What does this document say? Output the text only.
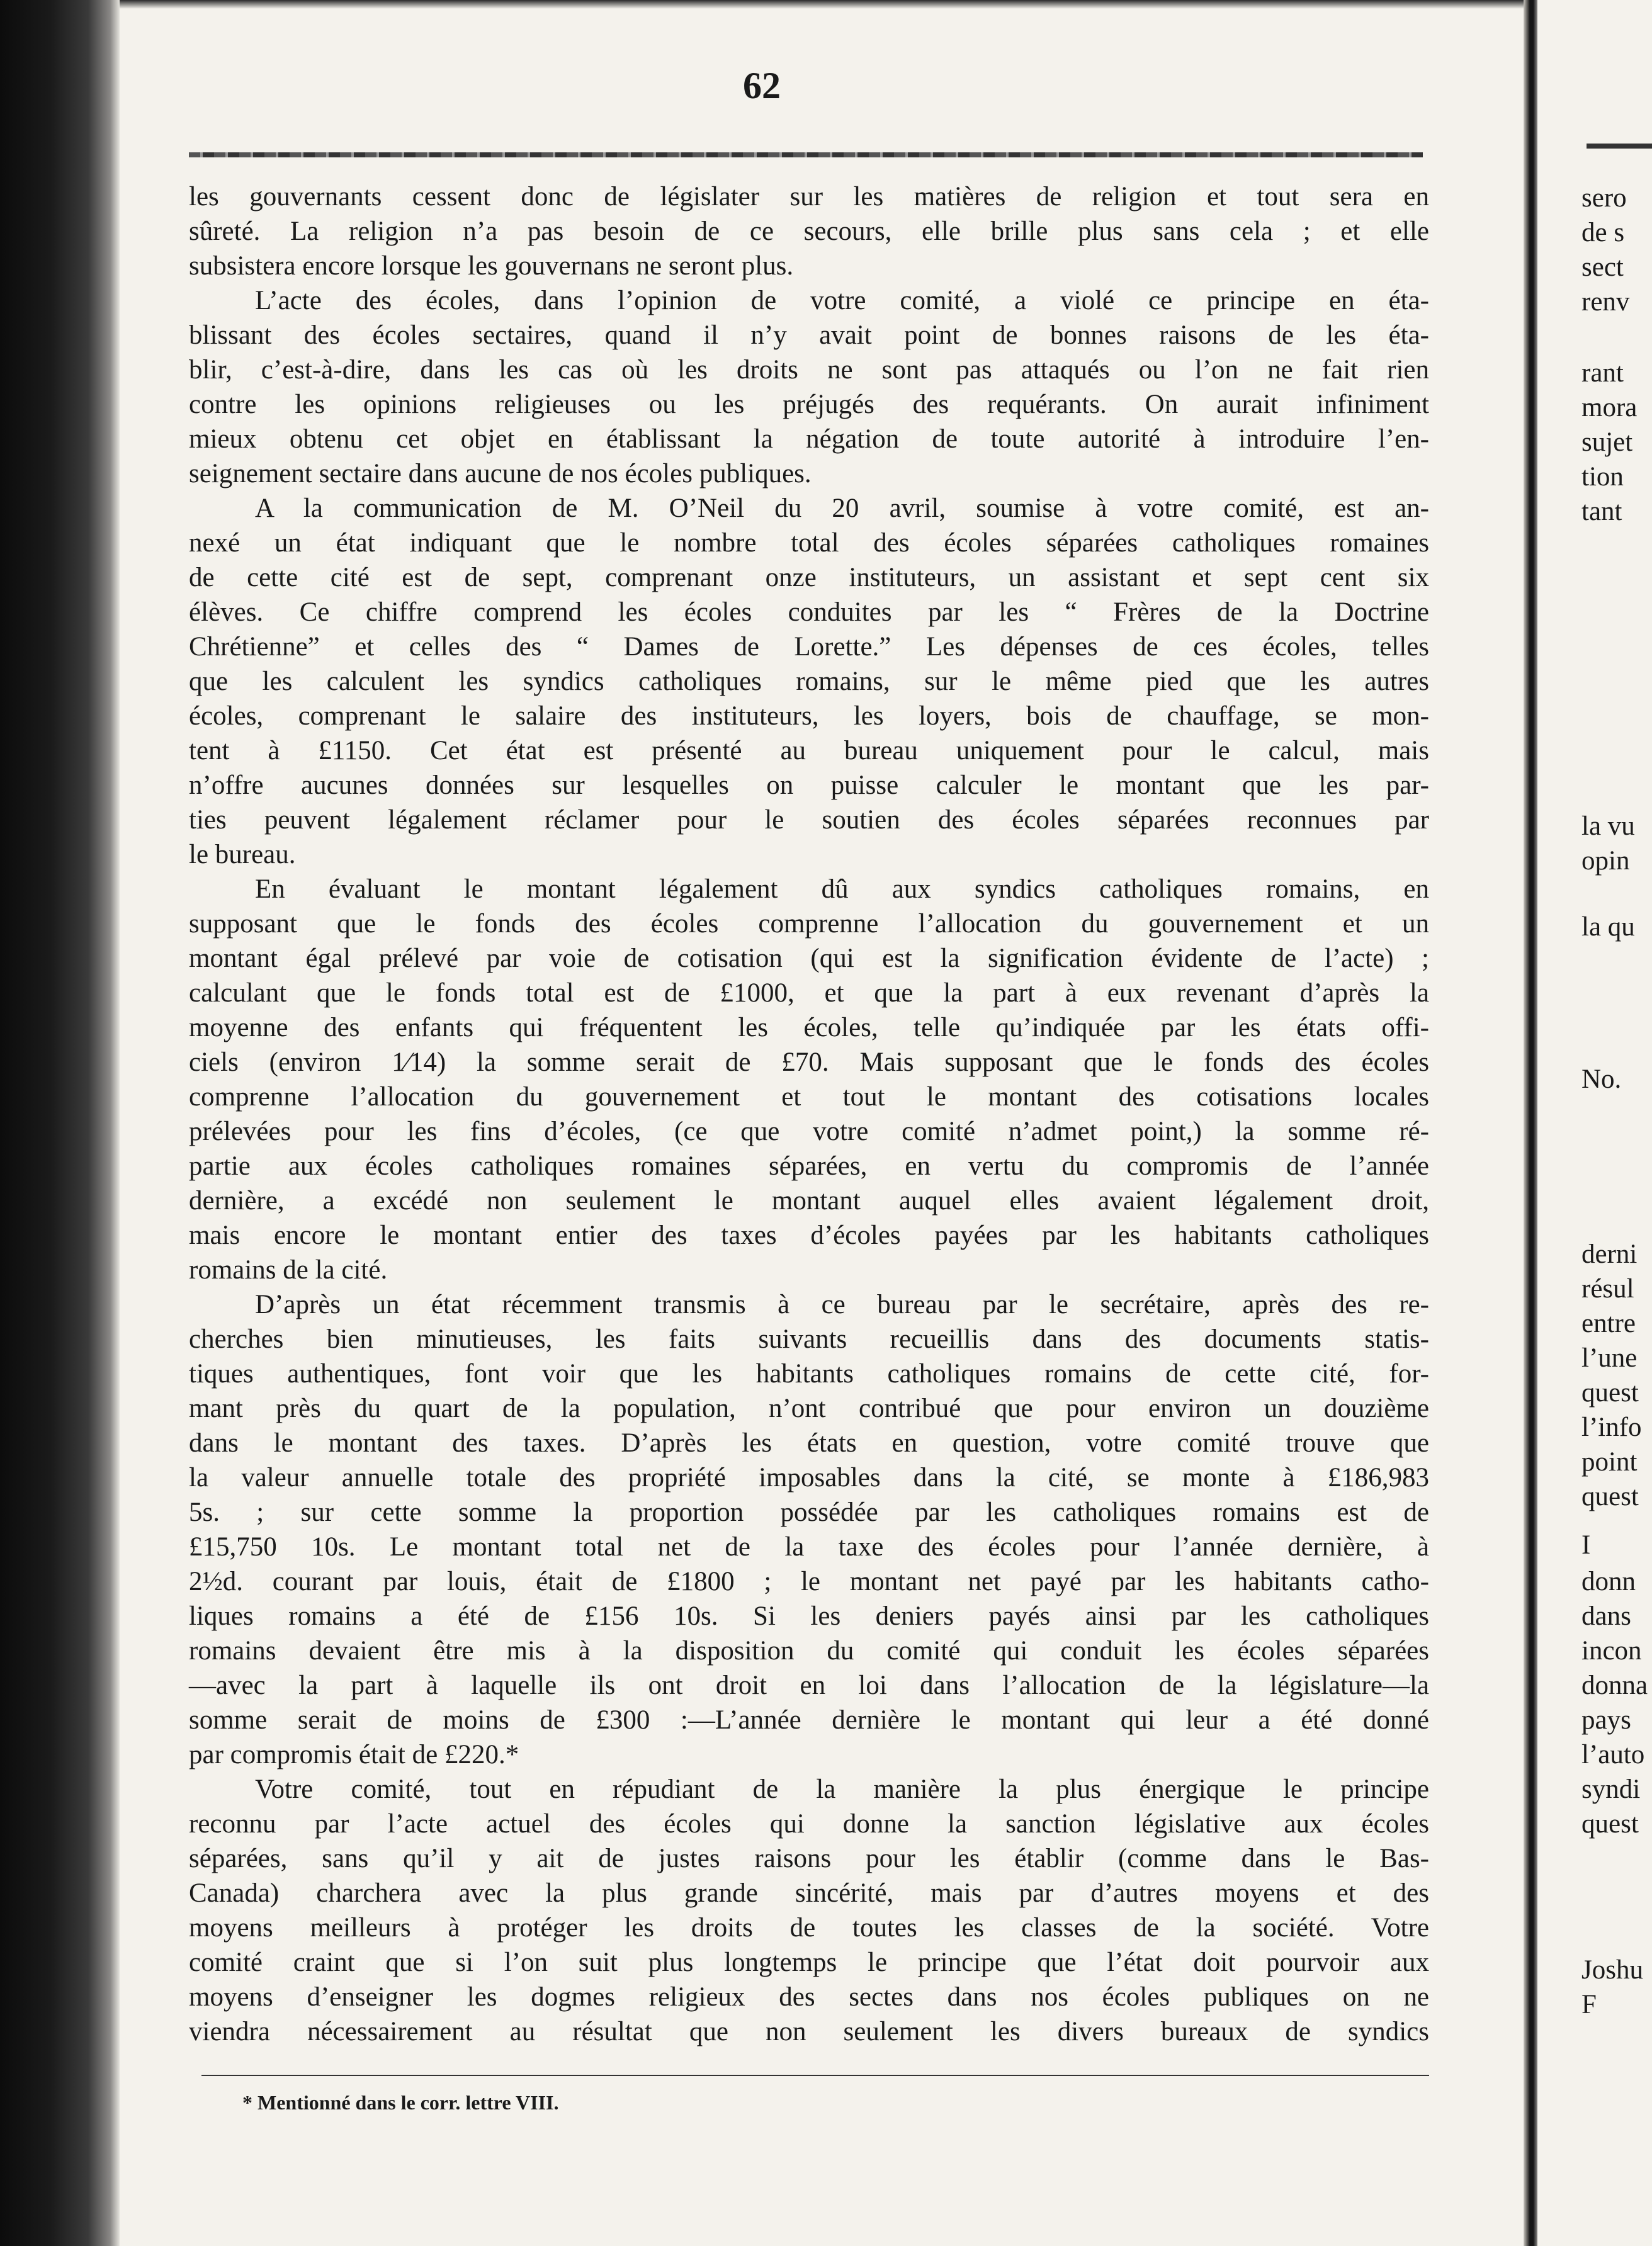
62
les gouvernants cessent donc de législater sur les matières de religion et tout sera en
sûreté. La religion n’a pas besoin de ce secours, elle brille plus sans cela ; et elle
subsistera encore lorsque les gouvernans ne seront plus.
L’acte des écoles, dans l’opinion de votre comité, a violé ce principe en éta-
blissant des écoles sectaires, quand il n’y avait point de bonnes raisons de les éta-
blir, c’est-à-dire, dans les cas où les droits ne sont pas attaqués ou l’on ne fait rien
contre les opinions religieuses ou les préjugés des requérants. On aurait infiniment
mieux obtenu cet objet en établissant la négation de toute autorité à introduire l’en-
seignement sectaire dans aucune de nos écoles publiques.
A la communication de M. O’Neil du 20 avril, soumise à votre comité, est an-
nexé un état indiquant que le nombre total des écoles séparées catholiques romaines
de cette cité est de sept, comprenant onze instituteurs, un assistant et sept cent six
élèves. Ce chiffre comprend les écoles conduites par les “ Frères de la Doctrine
Chrétienne” et celles des “ Dames de Lorette.” Les dépenses de ces écoles, telles
que les calculent les syndics catholiques romains, sur le même pied que les autres
écoles, comprenant le salaire des instituteurs, les loyers, bois de chauffage, se mon-
tent à £1150. Cet état est présenté au bureau uniquement pour le calcul, mais
n’offre aucunes données sur lesquelles on puisse calculer le montant que les par-
ties peuvent légalement réclamer pour le soutien des écoles séparées reconnues par
le bureau.
En évaluant le montant légalement dû aux syndics catholiques romains, en
supposant que le fonds des écoles comprenne l’allocation du gouvernement et un
montant égal prélevé par voie de cotisation (qui est la signification évidente de l’acte) ;
calculant que le fonds total est de £1000, et que la part à eux revenant d’après la
moyenne des enfants qui fréquentent les écoles, telle qu’indiquée par les états offi-
ciels (environ 1⁄14) la somme serait de £70. Mais supposant que le fonds des écoles
comprenne l’allocation du gouvernement et tout le montant des cotisations locales
prélevées pour les fins d’écoles, (ce que votre comité n’admet point,) la somme ré-
partie aux écoles catholiques romaines séparées, en vertu du compromis de l’année
dernière, a excédé non seulement le montant auquel elles avaient légalement droit,
mais encore le montant entier des taxes d’écoles payées par les habitants catholiques
romains de la cité.
D’après un état récemment transmis à ce bureau par le secrétaire, après des re-
cherches bien minutieuses, les faits suivants recueillis dans des documents statis-
tiques authentiques, font voir que les habitants catholiques romains de cette cité, for-
mant près du quart de la population, n’ont contribué que pour environ un douzième
dans le montant des taxes. D’après les états en question, votre comité trouve que
la valeur annuelle totale des propriété imposables dans la cité, se monte à £186,983
5s. ; sur cette somme la proportion possédée par les catholiques romains est de
£15,750 10s. Le montant total net de la taxe des écoles pour l’année dernière, à
2½d. courant par louis, était de £1800 ; le montant net payé par les habitants catho-
liques romains a été de £156 10s. Si les deniers payés ainsi par les catholiques
romains devaient être mis à la disposition du comité qui conduit les écoles séparées
—avec la part à laquelle ils ont droit en loi dans l’allocation de la législature—la
somme serait de moins de £300 :—L’année dernière le montant qui leur a été donné
par compromis était de £220.*
Votre comité, tout en répudiant de la manière la plus énergique le principe
reconnu par l’acte actuel des écoles qui donne la sanction législative aux écoles
séparées, sans qu’il y ait de justes raisons pour les établir (comme dans le Bas-
Canada) charchera avec la plus grande sincérité, mais par d’autres moyens et des
moyens meilleurs à protéger les droits de toutes les classes de la société. Votre
comité craint que si l’on suit plus longtemps le principe que l’état doit pourvoir aux
moyens d’enseigner les dogmes religieux des sectes dans nos écoles publiques on ne
viendra nécessairement au résultat que non seulement les divers bureaux de syndics
* Mentionné dans le corr. lettre VIII.
sero
de s
sect
renv
rant
mora
sujet
tion
tant
la vu
opin
la qu
No.
derni
résul
entre
l’une
quest
l’info
point
quest
I
donn
dans
incon
donna
pays
l’auto
syndi
quest
Joshu
F
